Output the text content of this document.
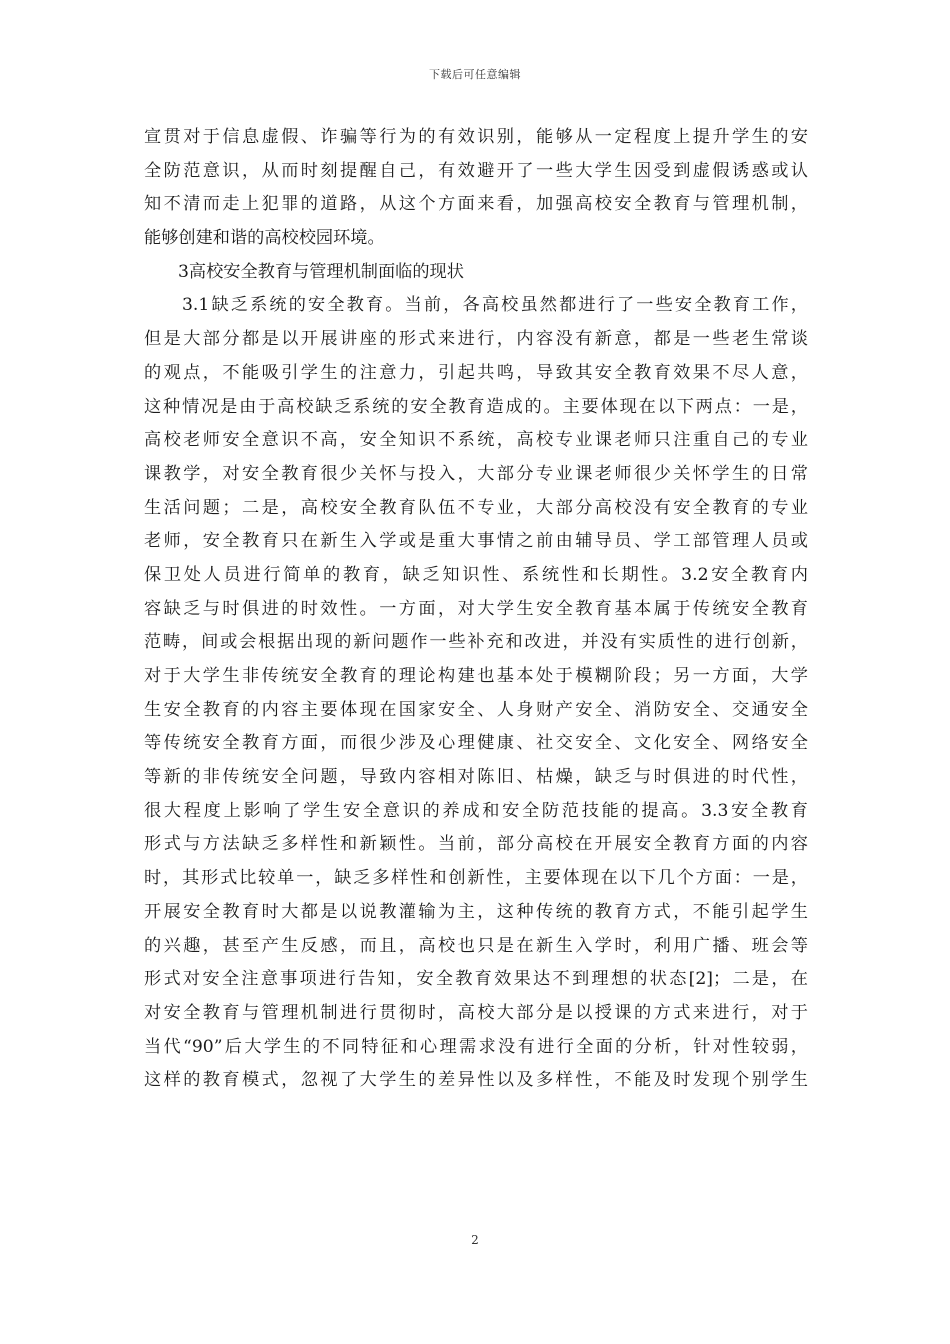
下载后可任意编辑
宣贯对于信息虚假、诈骗等行为的有效识别，能够从一定程度上提升学生的安
全防范意识，从而时刻提醒自己，有效避开了一些大学生因受到虚假诱惑或认
知不清而走上犯罪的道路，从这个方面来看，加强高校安全教育与管理机制，
能够创建和谐的高校校园环境。
3高校安全教育与管理机制面临的现状
3.1缺乏系统的安全教育。当前，各高校虽然都进行了一些安全教育工作，
但是大部分都是以开展讲座的形式来进行，内容没有新意，都是一些老生常谈
的观点，不能吸引学生的注意力，引起共鸣，导致其安全教育效果不尽人意，
这种情况是由于高校缺乏系统的安全教育造成的。主要体现在以下两点：一是，
高校老师安全意识不高，安全知识不系统，高校专业课老师只注重自己的专业
课教学，对安全教育很少关怀与投入，大部分专业课老师很少关怀学生的日常
生活问题；二是，高校安全教育队伍不专业，大部分高校没有安全教育的专业
老师，安全教育只在新生入学或是重大事情之前由辅导员、学工部管理人员或
保卫处人员进行简单的教育，缺乏知识性、系统性和长期性。3.2安全教育内
容缺乏与时俱进的时效性。一方面，对大学生安全教育基本属于传统安全教育
范畴，间或会根据出现的新问题作一些补充和改进，并没有实质性的进行创新，
对于大学生非传统安全教育的理论构建也基本处于模糊阶段；另一方面，大学
生安全教育的内容主要体现在国家安全、人身财产安全、消防安全、交通安全
等传统安全教育方面，而很少涉及心理健康、社交安全、文化安全、网络安全
等新的非传统安全问题，导致内容相对陈旧、枯燥，缺乏与时俱进的时代性，
很大程度上影响了学生安全意识的养成和安全防范技能的提高。3.3安全教育
形式与方法缺乏多样性和新颖性。当前，部分高校在开展安全教育方面的内容
时，其形式比较单一，缺乏多样性和创新性，主要体现在以下几个方面：一是，
开展安全教育时大都是以说教灌输为主，这种传统的教育方式，不能引起学生
的兴趣，甚至产生反感，而且，高校也只是在新生入学时，利用广播、班会等
形式对安全注意事项进行告知，安全教育效果达不到理想的状态[2]；二是，在
对安全教育与管理机制进行贯彻时，高校大部分是以授课的方式来进行，对于
当代“90”后大学生的不同特征和心理需求没有进行全面的分析，针对性较弱，
这样的教育模式，忽视了大学生的差异性以及多样性，不能及时发现个别学生
2
